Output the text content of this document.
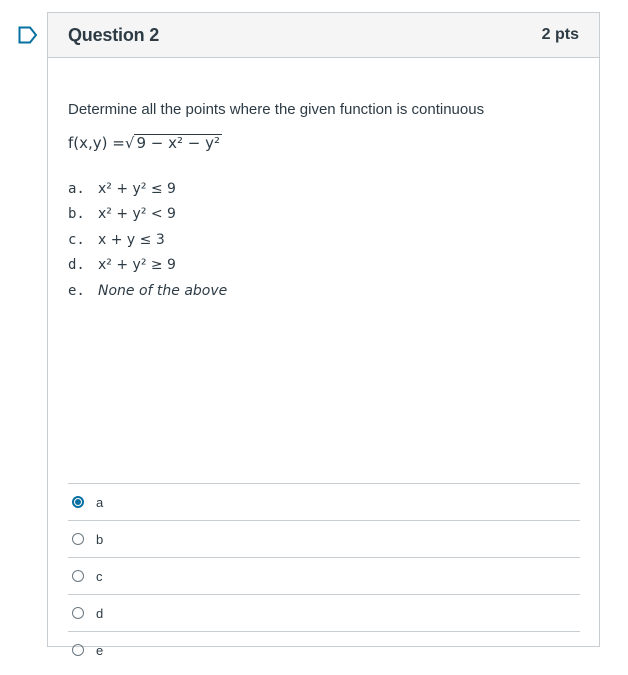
Question 2	2 pts
Determine all the points where the given function is continuous
f(x,y) =√ 9 − x² − y²
a. x² + y² ≤ 9
b. x² + y² < 9
c. x + y ≤ 3
d. x² + y² ≥ 9
e. None of the above
a
b
c
d
e
